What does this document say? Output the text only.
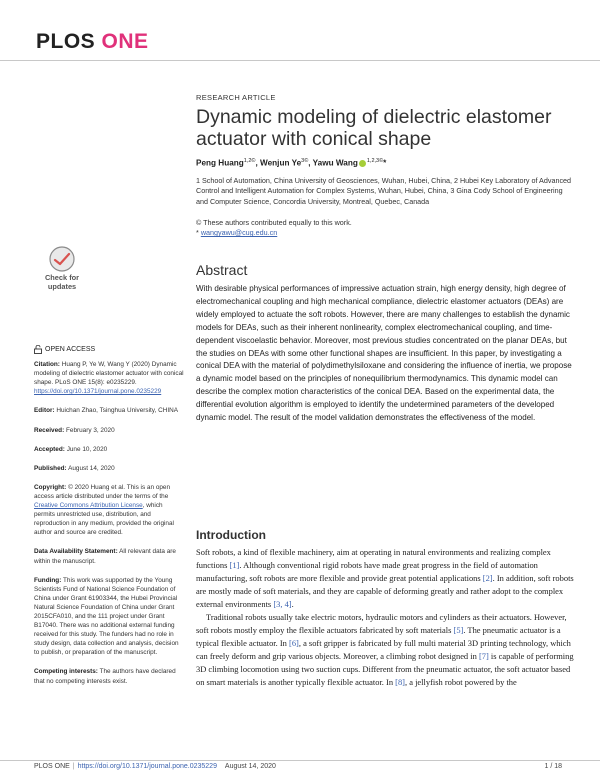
PLOS ONE
RESEARCH ARTICLE
Dynamic modeling of dielectric elastomer actuator with conical shape
Peng Huang$^{1,2©}$, Wenjun $Ye^{3©}$, Yawu Wang $^{1,2,3©}$*
1 School of Automation, China University of Geosciences, Wuhan, Hubei, China, 2 Hubei Key Laboratory of Advanced Control and Intelligent Automation for Complex Systems, Wuhan, Hubei, China, 3 Gina Cody School of Engineering and Computer Science, Concordia University, Montreal, Quebec, Canada
© These authors contributed equally to this work.
* wangyawu@cug.edu.cn
Check for updates
OPEN ACCESS

Citation: Huang P, Ye W, Wang Y (2020) Dynamic modeling of dielectric elastomer actuator with conical shape. PLoS ONE 15(8): e0235229. https://doi.org/10.1371/journal.pone.0235229

Editor: Huichan Zhao, Tsinghua University, CHINA

Received: February 3, 2020

Accepted: June 10, 2020

Published: August 14, 2020

Copyright: © 2020 Huang et al. This is an open access article distributed under the terms of the Creative Commons Attribution License, which permits unrestricted use, distribution, and reproduction in any medium, provided the original author and source are credited.

Data Availability Statement: All relevant data are within the manuscript.

Funding: This work was supported by the Young Scientists Fund of National Science Foundation of China under Grant 61903344, the Hubei Provincial Natural Science Foundation of China under Grant 2015CFA010, and the 111 project under Grant B17040. There was no additional external funding received for this study. The funders had no role in study design, data collection and analysis, decision to publish, or preparation of the manuscript.

Competing interests: The authors have declared that no competing interests exist.

Abstract

With desirable physical performances of impressive actuation strain, high energy density, high degree of electromechanical coupling and high mechanical compliance, dielectric elastomer actuators (DEAs) are widely employed to actuate the soft robots. However, there are many challenges to establish the dynamic models for DEAs, such as their inherent nonlinearity, complex electromechanical coupling, and time-dependent viscoelastic behavior. Moreover, most previous studies concentrated on the planar DEAs, but the studies on DEAs with some other functional shapes are insufficient. In this paper, by investigating a conical DEA with the material of polydimethylsiloxane and considering the influence of inertia, we propose a dynamic model based on the principles of nonequilibrium thermodynamics. This dynamic model can describe the complex motion characteristics of the conical DEA. Based on the experimental data, the differential evolution algorithm is employed to identify the undetermined parameters of the developed dynamic model. The result of the model validation demonstrates the effectiveness of the model.

Introduction

Soft robots, a kind of flexible machinery, aim at operating in natural environments and realizing complex functions [1]. Although conventional rigid robots have made great progress in the field of automation manufacturing, soft robots are more flexible and provide great potential applications [2]. In addition, soft robots are mostly made of soft materials, and they are capable of deforming greatly and rather adopt to the complex external environments [3, 4].
Traditional robots usually take electric motors, hydraulic motors and cylinders as their actuators. However, soft robots mostly employ the flexible actuators fabricated by soft materials [5]. The pneumatic actuator is a typical flexible actuator. In [6], a soft gripper is fabricated by full multi material 3D printing technology, which can freely deform and grip various objects. Moreover, a climbing robot designed in [7] is capable of performing 3D climbing locomotion using two suction cups. Different from the pneumatic actuator, the soft actuator based on smart materials is another typically flexible actuator. In [8], a jellyfish robot powered by the

PLOS ONE | https://doi.org/10.1371/journal.pone.0235229 August 14, 2020	1 / 18
